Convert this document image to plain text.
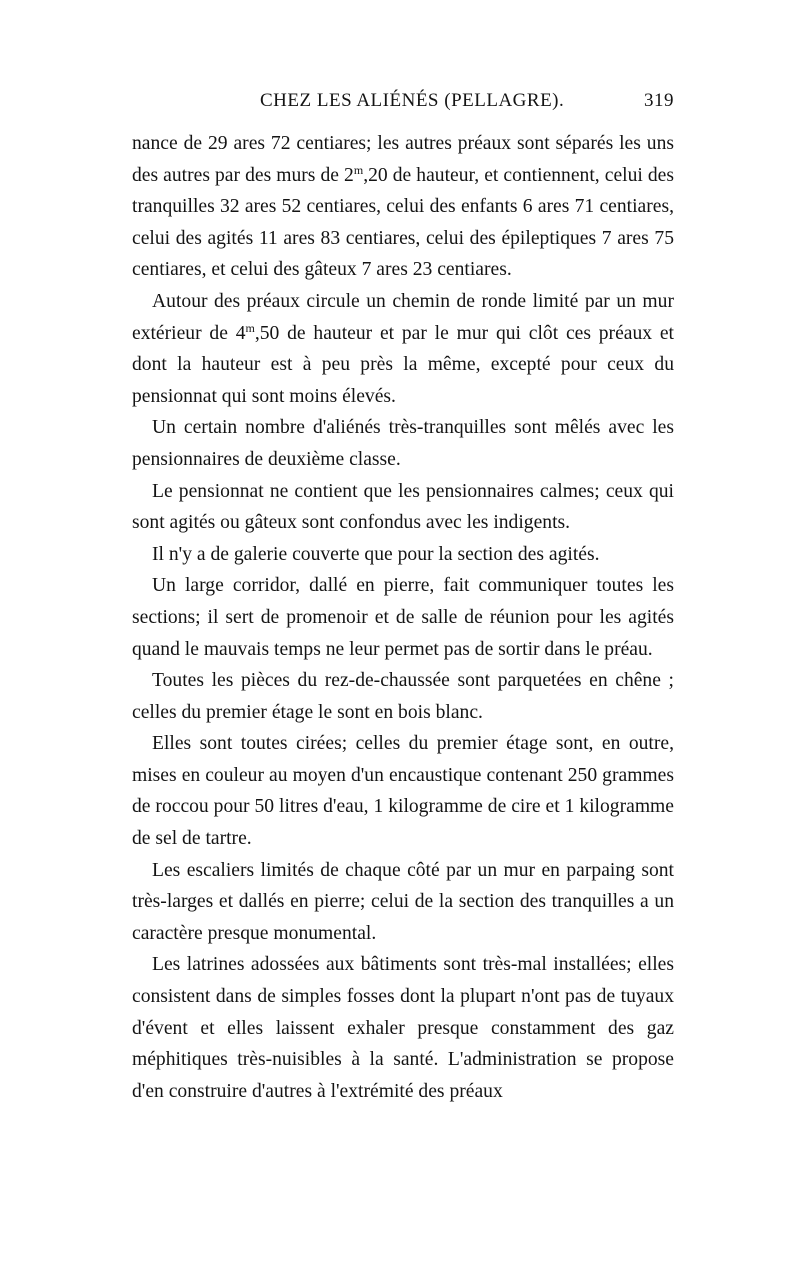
CHEZ LES ALIÉNÉS (PELLAGRE).	319

nance de 29 ares 72 centiares; les autres préaux sont séparés les uns des autres par des murs de 2$^m$,20 de hauteur, et contiennent, celui des tranquilles 32 ares 52 centiares, celui des enfants 6 ares 71 centiares, celui des agités 11 ares 83 centiares, celui des épileptiques 7 ares 75 centiares, et celui des gâteux 7 ares 23 centiares.

Autour des préaux circule un chemin de ronde limité par un mur extérieur de 4$^m$,50 de hauteur et par le mur qui clôt ces préaux et dont la hauteur est à peu près la même, excepté pour ceux du pensionnat qui sont moins élevés.

Un certain nombre d'aliénés très-tranquilles sont mêlés avec les pensionnaires de deuxième classe.

Le pensionnat ne contient que les pensionnaires calmes; ceux qui sont agités ou gâteux sont confondus avec les indigents.

Il n'y a de galerie couverte que pour la section des agités.

Un large corridor, dallé en pierre, fait communiquer toutes les sections; il sert de promenoir et de salle de réunion pour les agités quand le mauvais temps ne leur permet pas de sortir dans le préau.

Toutes les pièces du rez-de-chaussée sont parquetées en chêne ; celles du premier étage le sont en bois blanc.

Elles sont toutes cirées; celles du premier étage sont, en outre, mises en couleur au moyen d'un encaustique contenant 250 grammes de roccou pour 50 litres d'eau, 1 kilogramme de cire et 1 kilogramme de sel de tartre.

Les escaliers limités de chaque côté par un mur en parpaing sont très-larges et dallés en pierre; celui de la section des tranquilles a un caractère presque monumental.

Les latrines adossées aux bâtiments sont très-mal installées; elles consistent dans de simples fosses dont la plupart n'ont pas de tuyaux d'évent et elles laissent exhaler presque constamment des gaz méphitiques très-nuisibles à la santé. L'administration se propose d'en construire d'autres à l'extrémité des préaux
